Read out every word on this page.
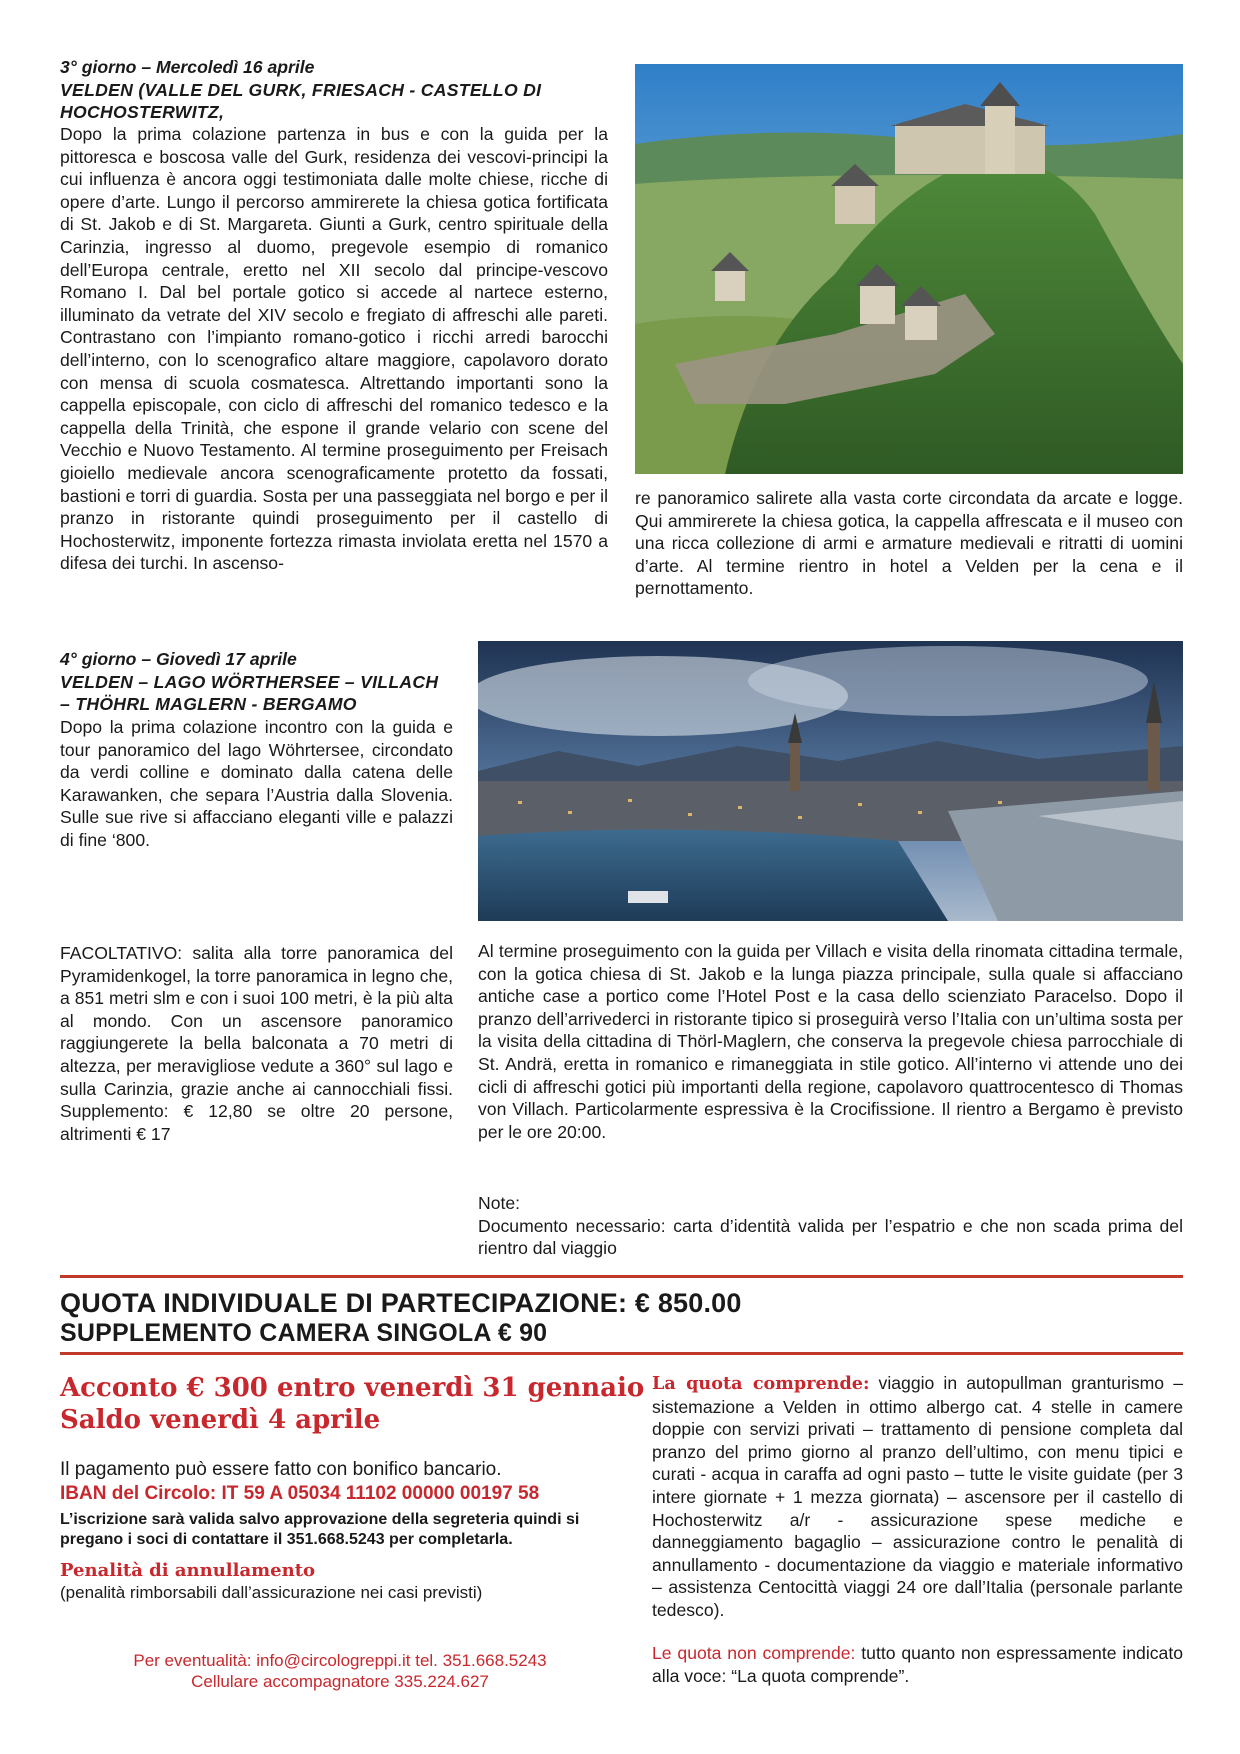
3° giorno – Mercoledì 16 aprile
VELDEN (VALLE DEL GURK, FRIESACH - CASTELLO DI HOCHOSTERWITZ,
Dopo la prima colazione partenza in bus e con la guida per la pittoresca e boscosa valle del Gurk, residenza dei vescovi-principi la cui influenza è ancora oggi testimoniata dalle molte chiese, ricche di opere d’arte. Lungo il percorso ammirerete la chiesa gotica fortificata di St. Jakob e di St. Margareta. Giunti a Gurk, centro spirituale della Carinzia, ingresso al duomo, pregevole esempio di romanico dell’Europa centrale, eretto nel XII secolo dal principe-vescovo Romano I. Dal bel portale gotico si accede al nartece esterno, illuminato da vetrate del XIV secolo e fregiato di affreschi alle pareti. Contrastano con l’impianto romano-gotico i ricchi arredi barocchi dell’interno, con lo scenografico altare maggiore, capolavoro dorato con mensa di scuola cosmatesca. Altrettando importanti sono la cappella episcopale, con ciclo di affreschi del romanico tedesco e la cappella della Trinità, che espone il grande velario con scene del Vecchio e Nuovo Testamento. Al termine proseguimento per Freisach gioiello medievale ancora scenograficamente protetto da fossati, bastioni e torri di guardia. Sosta per una passeggiata nel borgo e per il pranzo in ristorante quindi proseguimento per il castello di Hochosterwitz, imponente fortezza rimasta inviolata eretta nel 1570 a difesa dei turchi. In ascenso-
re panoramico salirete alla vasta corte circondata da arcate e logge. Qui ammirerete la chiesa gotica, la cappella affrescata e il museo con una ricca collezione di armi e armature medievali e ritratti di uomini d’arte. Al termine rientro in hotel a Velden per la cena e il pernottamento.
4° giorno – Giovedì 17 aprile
VELDEN – LAGO WÖRTHERSEE – VILLACH – THÖHRL MAGLERN - BERGAMO
Dopo la prima colazione incontro con la guida e tour panoramico del lago Wöhrtersee, circondato da verdi colline e dominato dalla catena delle Karawanken, che separa l’Austria dalla Slovenia. Sulle sue rive si affacciano eleganti ville e palazzi di fine ‘800.
FACOLTATIVO: salita alla torre panoramica del Pyramidenkogel, la torre panoramica in legno che, a 851 metri slm e con i suoi 100 metri, è la più alta al mondo. Con un ascensore panoramico raggiungerete la bella balconata a 70 metri di altezza, per meravigliose vedute a 360° sul lago e sulla Carinzia, grazie anche ai cannocchiali fissi. Supplemento: € 12,80 se oltre 20 persone, altrimenti € 17
Al termine proseguimento con la guida per Villach e visita della rinomata cittadina termale, con la gotica chiesa di St. Jakob e la lunga piazza principale, sulla quale si affacciano antiche case a portico come l’Hotel Post e la casa dello scienziato Paracelso. Dopo il pranzo dell’arrivederci in ristorante tipico si proseguirà verso l’Italia con un’ultima sosta per la visita della cittadina di Thörl-Maglern, che conserva la pregevole chiesa parrocchiale di St. Andrä, eretta in romanico e rimaneggiata in stile gotico. All’interno vi attende uno dei cicli di affreschi gotici più importanti della regione, capolavoro quattrocentesco di Thomas von Villach. Particolarmente espressiva è la Crocifissione. Il rientro a Bergamo è previsto per le ore 20:00.
Note:
Documento necessario: carta d’identità valida per l’espatrio e che non scada prima del rientro dal viaggio
QUOTA INDIVIDUALE DI PARTECIPAZIONE: € 850.00
SUPPLEMENTO CAMERA SINGOLA € 90
Acconto € 300 entro venerdì 31 gennaio
Saldo venerdì 4 aprile
Il pagamento può essere fatto con bonifico bancario.
IBAN del Circolo: IT 59 A 05034 11102 00000 00197 58
L’iscrizione sarà valida salvo approvazione della segreteria quindi si pregano i soci di contattare il 351.668.5243 per completarla.
Penalità di annullamento
(penalità rimborsabili dall’assicurazione nei casi previsti)
La quota comprende: viaggio in autopullman granturismo – sistemazione a Velden in ottimo albergo cat. 4 stelle in camere doppie con servizi privati – trattamento di pensione completa dal pranzo del primo giorno al pranzo dell’ultimo, con menu tipici e curati - acqua in caraffa ad ogni pasto – tutte le visite guidate (per 3 intere giornate + 1 mezza giornata) – ascensore per il castello di Hochosterwitz a/r - assicurazione spese mediche e danneggiamento bagaglio – assicurazione contro le penalità di annullamento - documentazione da viaggio e materiale informativo – assistenza Centocittà viaggi 24 ore dall’Italia (personale parlante tedesco).
Le quota non comprende: tutto quanto non espressamente indicato alla voce: “La quota comprende”.
Per eventualità: info@circologreppi.it tel. 351.668.5243
Cellulare accompagnatore 335.224.627
